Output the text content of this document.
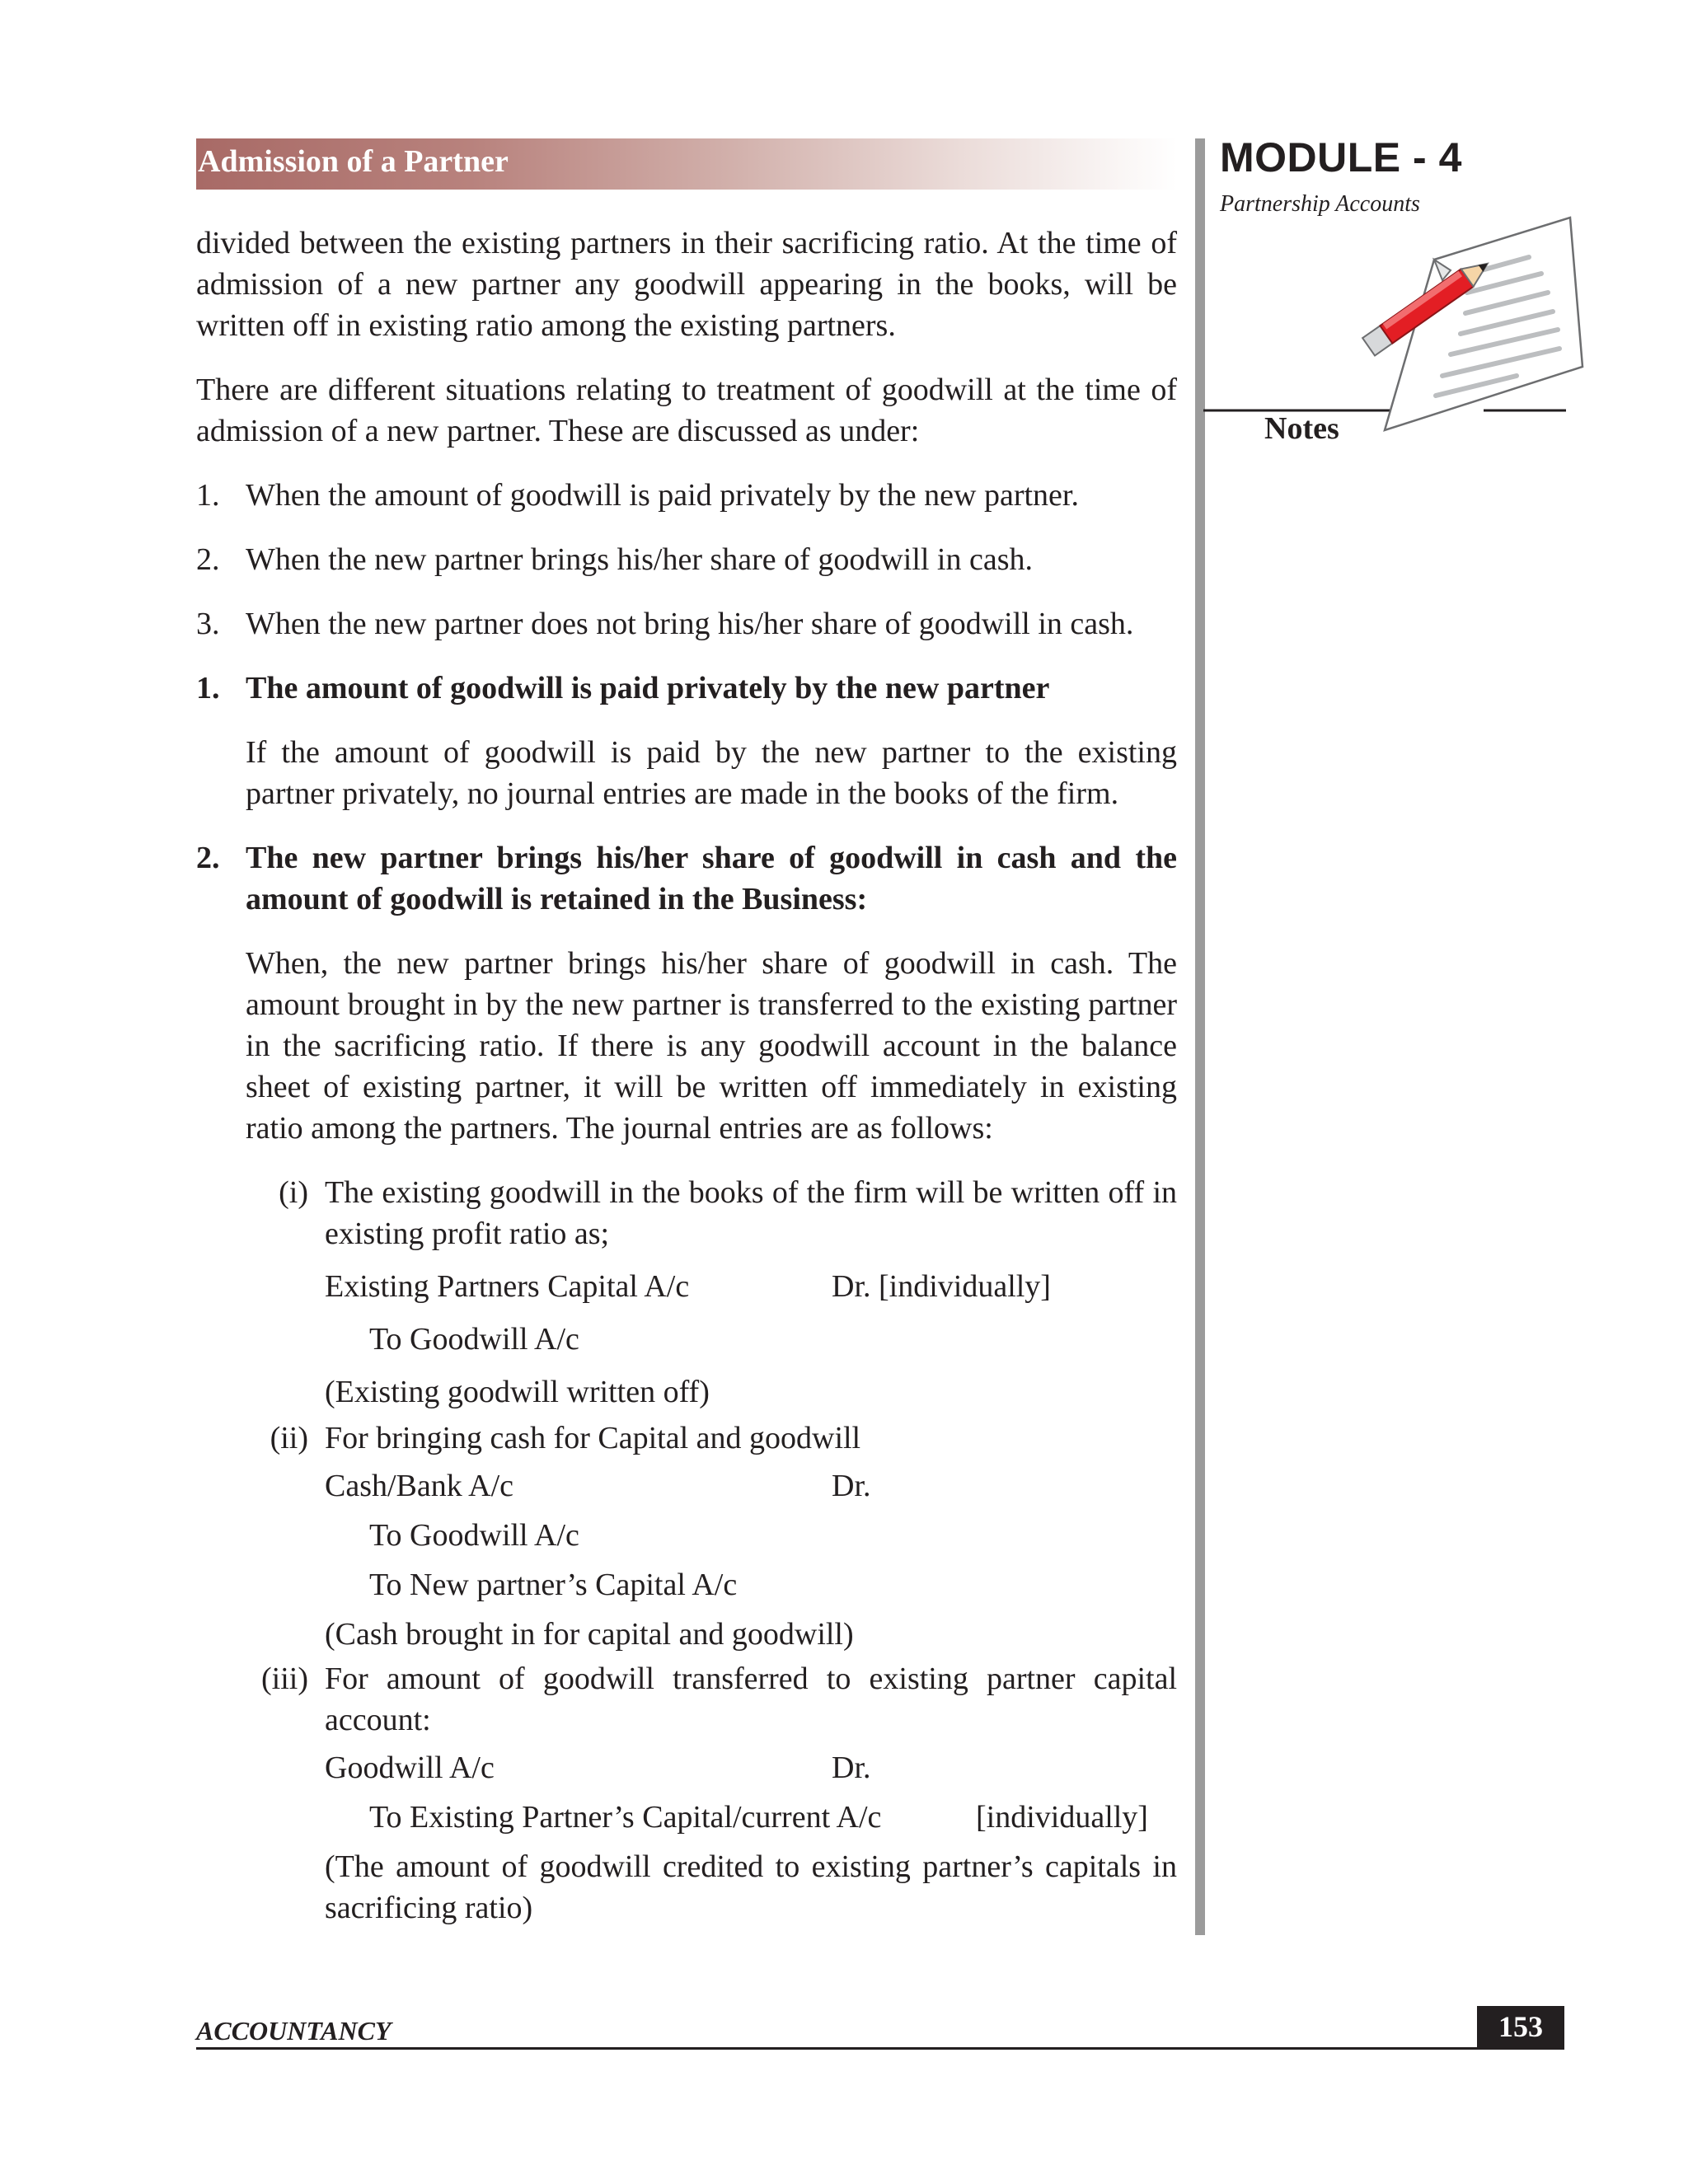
Admission of a Partner	MODULE - 4
Partnership Accounts
Notes

divided between the existing partners in their sacrificing ratio. At the time of admission of a new partner any goodwill appearing in the books, will be written off in existing ratio among the existing partners.

There are different situations relating to treatment of goodwill at the time of admission of a new partner. These are discussed as under:

1. When the amount of goodwill is paid privately by the new partner.
2. When the new partner brings his/her share of goodwill in cash.
3. When the new partner does not bring his/her share of goodwill in cash.
1. The amount of goodwill is paid privately by the new partner

If the amount of goodwill is paid by the new partner to the existing partner privately, no journal entries are made in the books of the firm.

2. The new partner brings his/her share of goodwill in cash and the amount of goodwill is retained in the Business:

When, the new partner brings his/her share of goodwill in cash. The amount brought in by the new partner is transferred to the existing partner in the sacrificing ratio. If there is any goodwill account in the balance sheet of existing partner, it will be written off immediately in existing ratio among the partners. The journal entries are as follows:

(i) The existing goodwill in the books of the firm will be written off in existing profit ratio as;

Existing Partners Capital A/c	Dr. [individually]
To Goodwill A/c
(Existing goodwill written off)
(ii) For bringing cash for Capital and goodwill

Cash/Bank A/c	Dr.
To Goodwill A/c
To New partner’s Capital A/c
(Cash brought in for capital and goodwill)
(iii) For amount of goodwill transferred to existing partner capital account:

Goodwill A/c	Dr.
To Existing Partner’s Capital/current A/c	[individually]

(The amount of goodwill credited to existing partner’s capitals in sacrificing ratio)

ACCOUNTANCY	153
